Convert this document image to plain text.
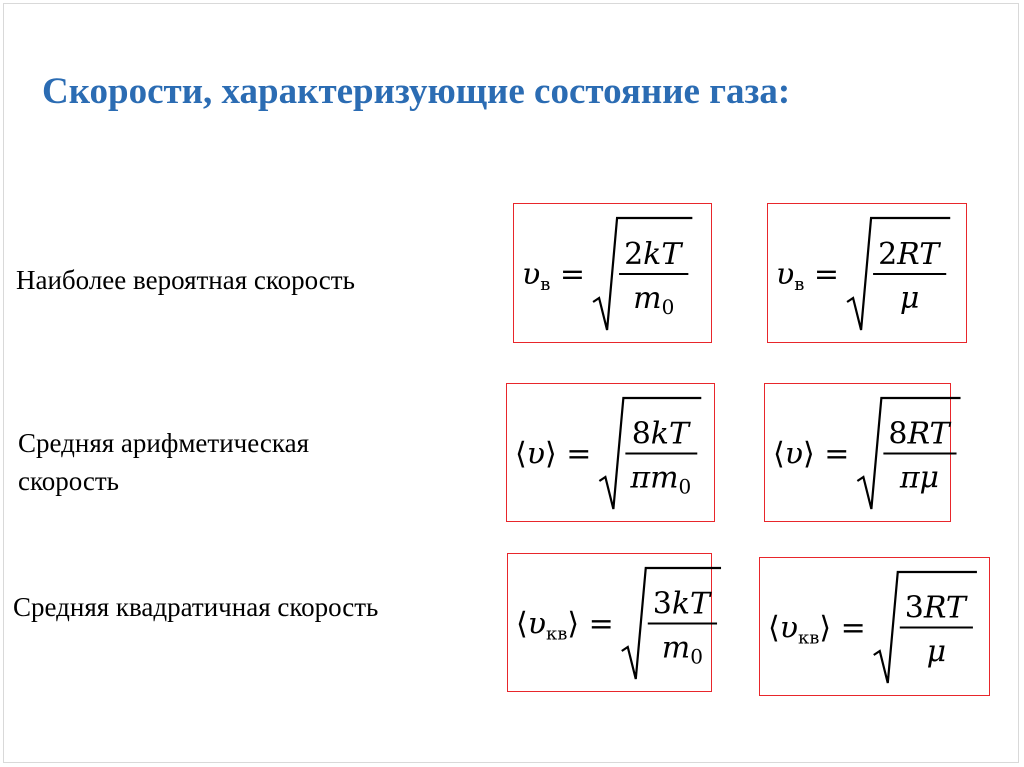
Скорости, характеризующие состояние газа:
Наиболее вероятная скорость
Средняя арифметическая
скорость
Средняя квадратичная скорость
$\upsilon_в$ =
2kT
$m_0$
$\upsilon_в$ =
2RT
μ
⟨υ⟩ =
8kT
$\pi m_0$
⟨υ⟩ =
8RT
πμ
$⟨\upsilon_{кв}⟩$ =
3kT
$m_0$
$⟨\upsilon_{кв}⟩$ =
3RT
μ
